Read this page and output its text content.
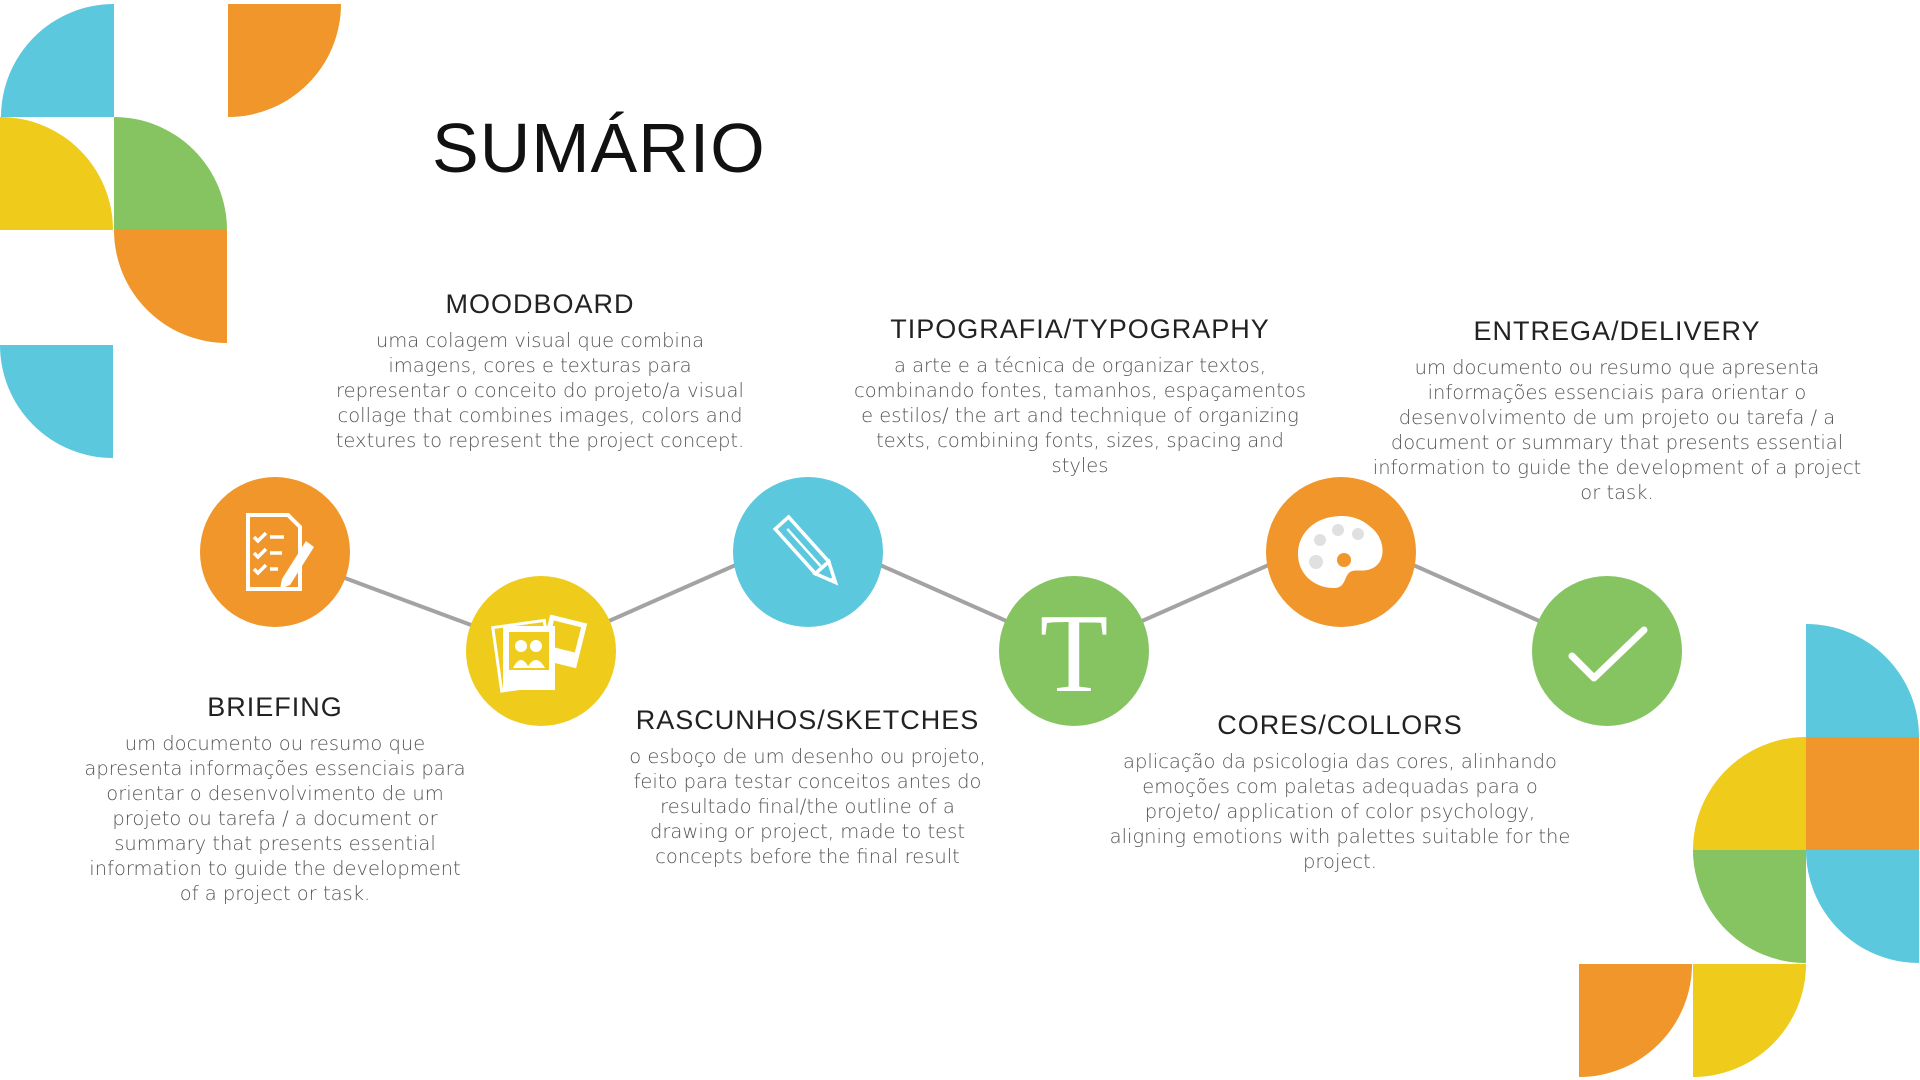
SUMÁRIO
T
MOODBOARD

uma colagem visual que combina imagens, cores e texturas para representar o conceito do projeto/a visual collage that combines images, colors and textures to represent the project concept.

TIPOGRAFIA/TYPOGRAPHY

a arte e a técnica de organizar textos, combinando fontes, tamanhos, espaçamentos e estilos/ the art and technique of organizing texts, combining fonts, sizes, spacing and styles

ENTREGA/DELIVERY

um documento ou resumo que apresenta informações essenciais para orientar o desenvolvimento de um projeto ou tarefa / a document or summary that presents essential information to guide the development of a project or task.

BRIEFING

um documento ou resumo que apresenta informações essenciais para orientar o desenvolvimento de um projeto ou tarefa / a document or summary that presents essential information to guide the development of a project or task.

RASCUNHOS/SKETCHES

o esboço de um desenho ou projeto, feito para testar conceitos antes do resultado final/the outline of a drawing or project, made to test concepts before the final result

CORES/COLLORS

aplicação da psicologia das cores, alinhando emoções com paletas adequadas para o projeto/ application of color psychology, aligning emotions with palettes suitable for the project.
